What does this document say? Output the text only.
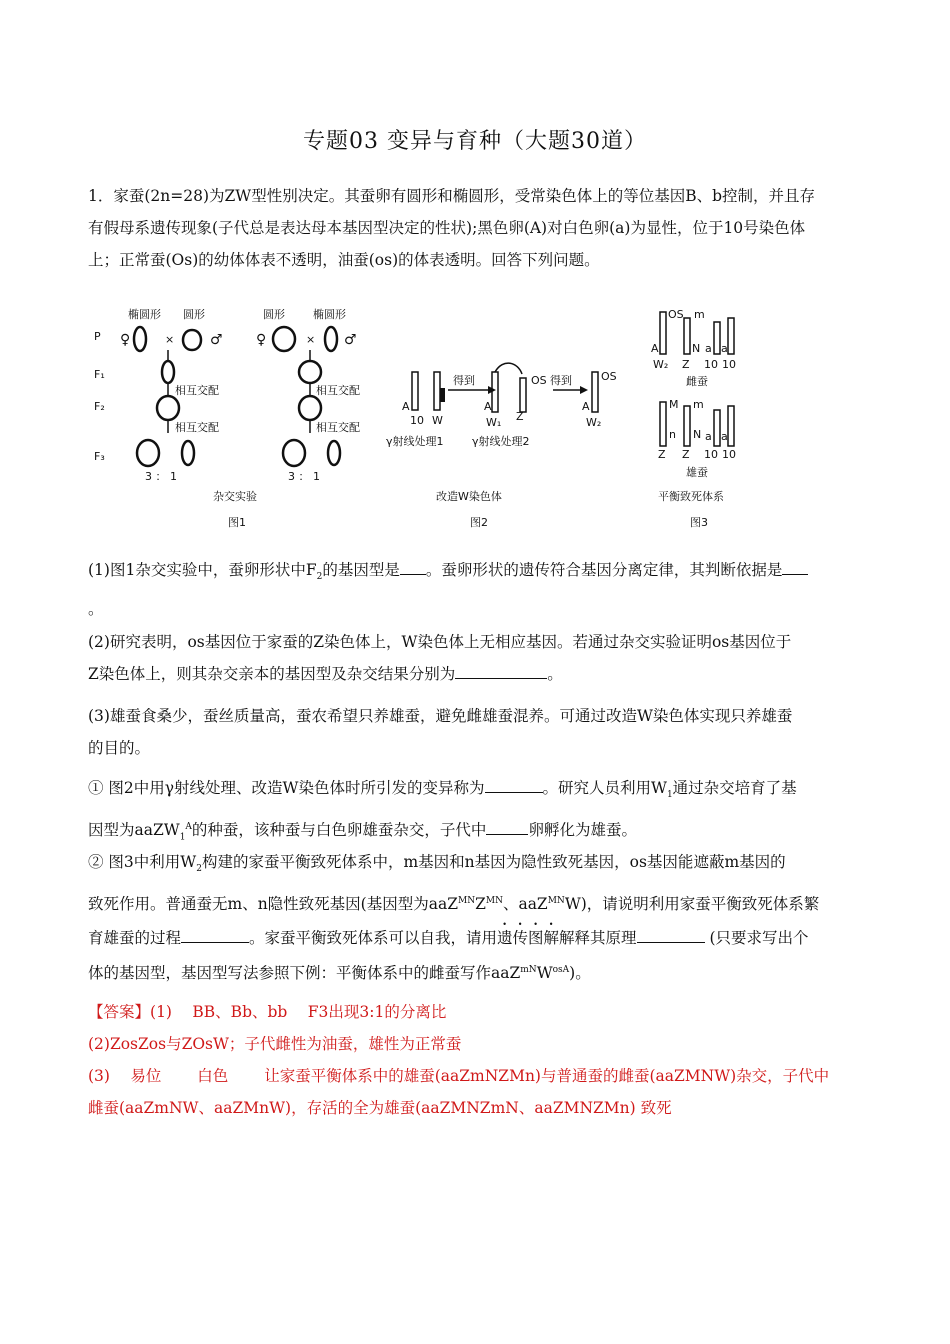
专题03 变异与育种（大题30道）
1．家蚕(2n=28)为ZW型性别决定。其蚕卵有圆形和椭圆形，受常染色体上的等位基因B、b控制，并且存
有假母系遗传现象(子代总是表达母本基因型决定的性状);黑色卵(A)对白色卵(a)为显性，位于10号染色体
上；正常蚕(Os)的幼体体表不透明，油蚕(os)的体表透明。回答下列问题。
椭圆形 圆形	圆形	椭圆形
P
F₁
F₂
F₃
♀	×	♂
相互交配
相互交配
3 ： 1
♀	× ♂
相互交配
相互交配
3 ： 1
杂交实验
图1
A
10 W
得到
A
W₁ Z
OS 得到
A
W₂
OS
γ射线处理1	γ射线处理2
改造W染色体
图2
OS m
A	N a a
W₂ Z 10 10
雌蚕
M m
n N a a
Z Z 10 10
雄蚕
平衡致死体系
图3
(1)图1杂交实验中，蚕卵形状中$F_2$的基因型是 。蚕卵形状的遗传符合基因分离定律，其判断依据是
。
(2)研究表明，os基因位于家蚕的Z染色体上，W染色体上无相应基因。若通过杂交实验证明os基因位于
Z染色体上，则其杂交亲本的基因型及杂交结果分别为	。
(3)雄蚕食桑少，蚕丝质量高，蚕农希望只养雄蚕，避免雌雄蚕混养。可通过改造W染色体实现只养雄蚕
的目的。
① 图2中用γ射线处理、改造W染色体时所引发的变异称为	。研究人员利用$W_1$通过杂交培育了基
因型为aaZW$_1^A$的种蚕，该种蚕与白色卵雄蚕杂交，子代中	卵孵化为雄蚕。
② 图3中利用$W_2$构建的家蚕平衡致死体系中，m基因和n基因为隐性致死基因，os基因能遮蔽m基因的
致死作用。普通蚕无m、n隐性致死基因(基因型为$aaZ^{MN}Z^{MN}$、aaZ$^{MN}$W)，请说明利用家蚕平衡致死体系繁
育雄蚕的过程	。家蚕平衡致死体系可以自我，请用遗传图解解释其原理	(只要求写出个
体的基因型，基因型写法参照下例：平衡体系中的雌蚕写作$aaZ^{mN}W^{osA}$)。
【答案】(1)　 BB、Bb、bb　 F3出现3:1的分离比
(2)ZosZos与ZOsW；子代雌性为油蚕，雄性为正常蚕
(3)　 易位　　 白色　　 让家蚕平衡体系中的雄蚕(aaZmNZMn)与普通蚕的雌蚕(aaZMNW)杂交，子代中
雌蚕(aaZmNW、aaZMnW)，存活的全为雄蚕(aaZMNZmN、aaZMNZMn) 致死
